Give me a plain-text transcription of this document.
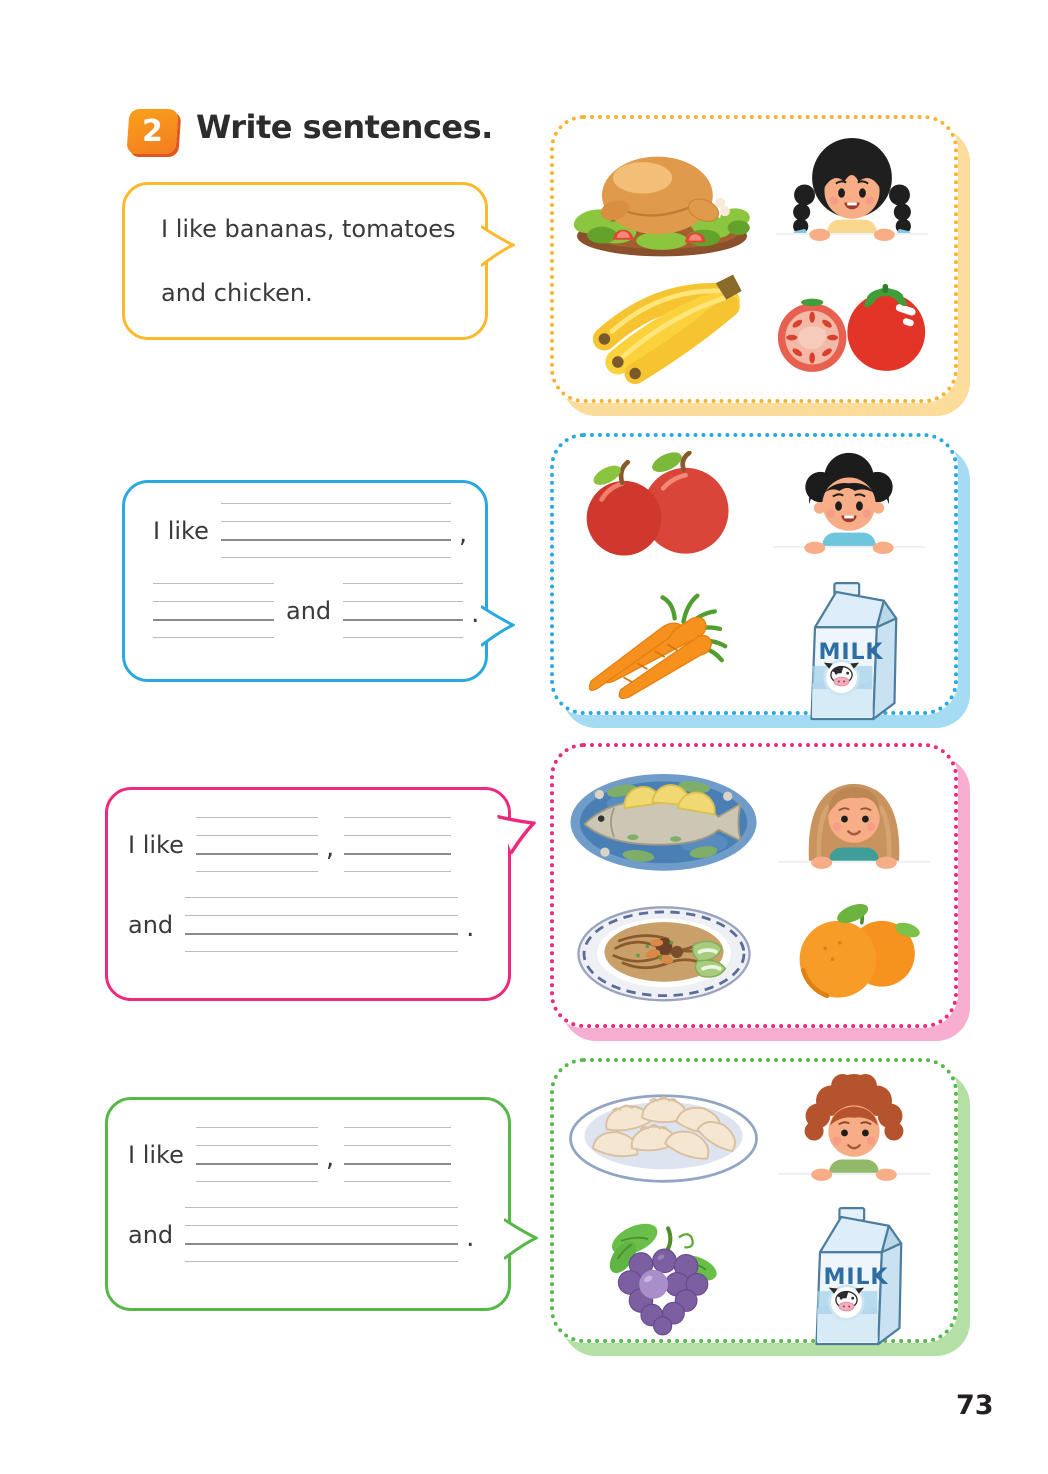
2 Write sentences.
I like bananas, tomatoes
and chicken.
I like	,
and	.
I like	,
and	.
I like	,
and	.
73
